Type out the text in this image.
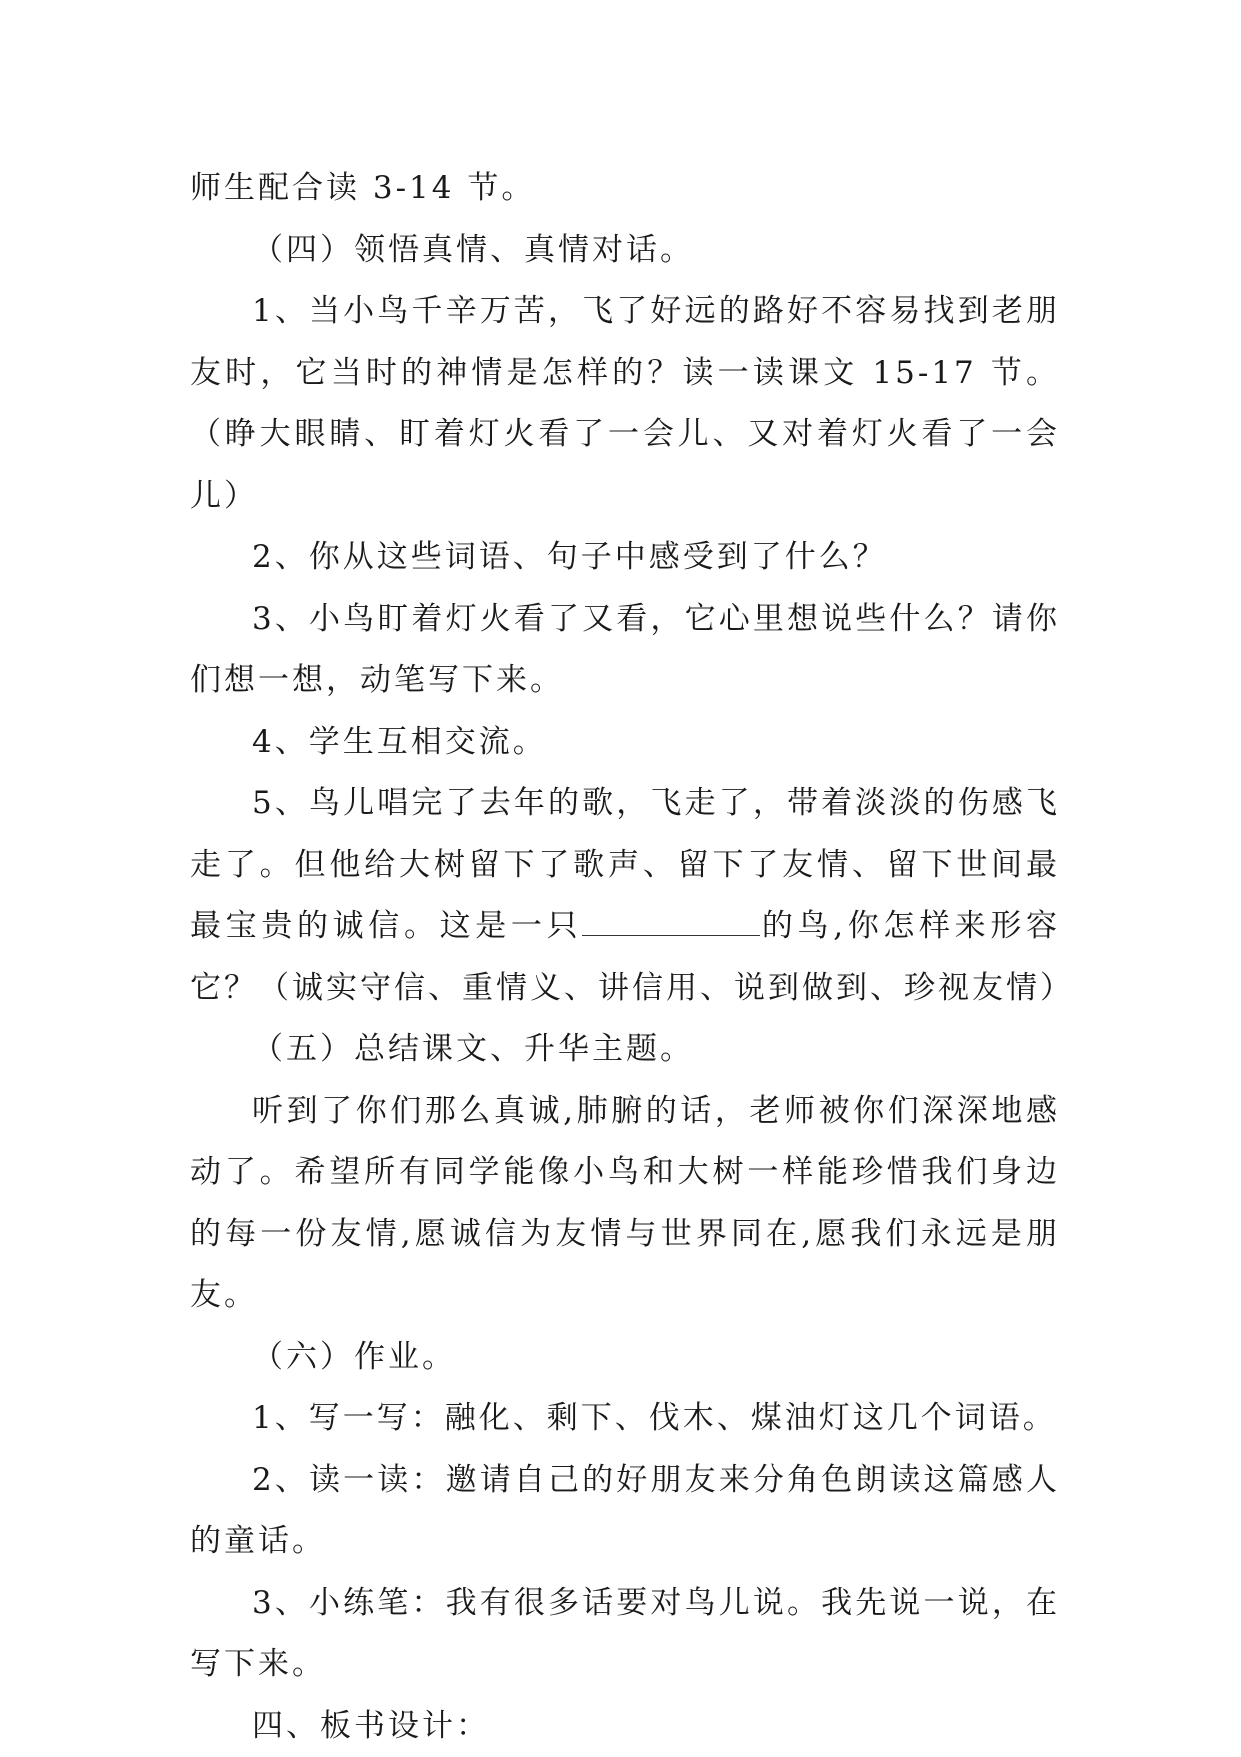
师生配合读 3-14 节。

（四）领悟真情、真情对话。

1、当小鸟千辛万苦，飞了好远的路好不容易找到老朋友时，它当时的神情是怎样的？读一读课文 15-17 节。（睁大眼睛、盯着灯火看了一会儿、又对着灯火看了一会儿）

2、你从这些词语、句子中感受到了什么？

3、小鸟盯着灯火看了又看，它心里想说些什么？请你们想一想，动笔写下来。

4、学生互相交流。

5、鸟儿唱完了去年的歌，飞走了，带着淡淡的伤感飞走了。但他给大树留下了歌声、留下了友情、留下世间最最宝贵的诚信。这是一只	的鸟,你怎样来形容它？（诚实守信、重情义、讲信用、说到做到、珍视友情）

（五）总结课文、升华主题。

听到了你们那么真诚,肺腑的话，老师被你们深深地感动了。希望所有同学能像小鸟和大树一样能珍惜我们身边的每一份友情,愿诚信为友情与世界同在,愿我们永远是朋友。

（六）作业。

1、写一写：融化、剩下、伐木、煤油灯这几个词语。

2、读一读：邀请自己的好朋友来分角色朗读这篇感人的童话。

3、小练笔：我有很多话要对鸟儿说。我先说一说，在写下来。

四、板书设计：
